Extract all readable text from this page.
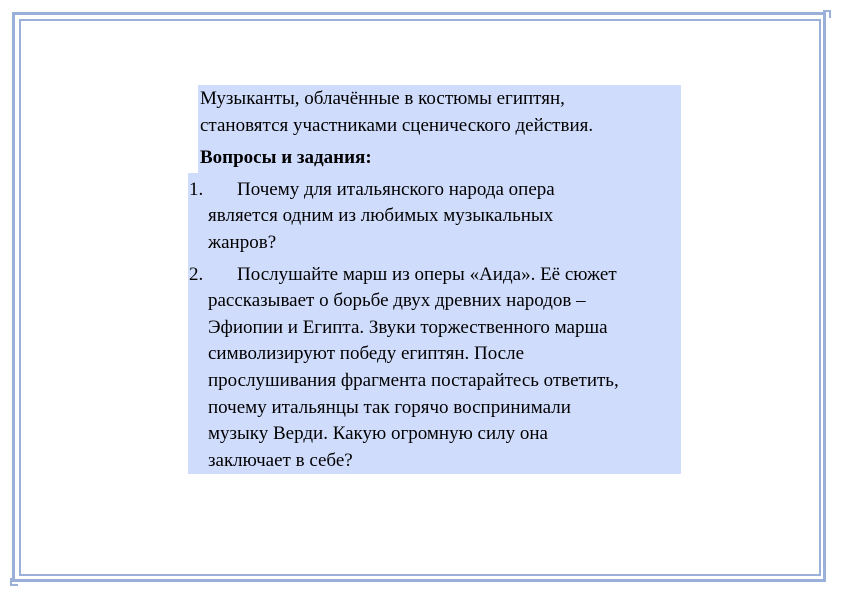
Музыканты, облачённые в костюмы египтян,
становятся участниками сценического действия.
Вопросы и задания:
1. Почему для итальянского народа опера
является одним из любимых музыкальных
жанров?
2. Послушайте марш из оперы «Аида». Её сюжет
рассказывает о борьбе двух древних народов –
Эфиопии и Египта. Звуки торжественного марша
символизируют победу египтян. После
прослушивания фрагмента постарайтесь ответить,
почему итальянцы так горячо воспринимали
музыку Верди. Какую огромную силу она
заключает в себе?
